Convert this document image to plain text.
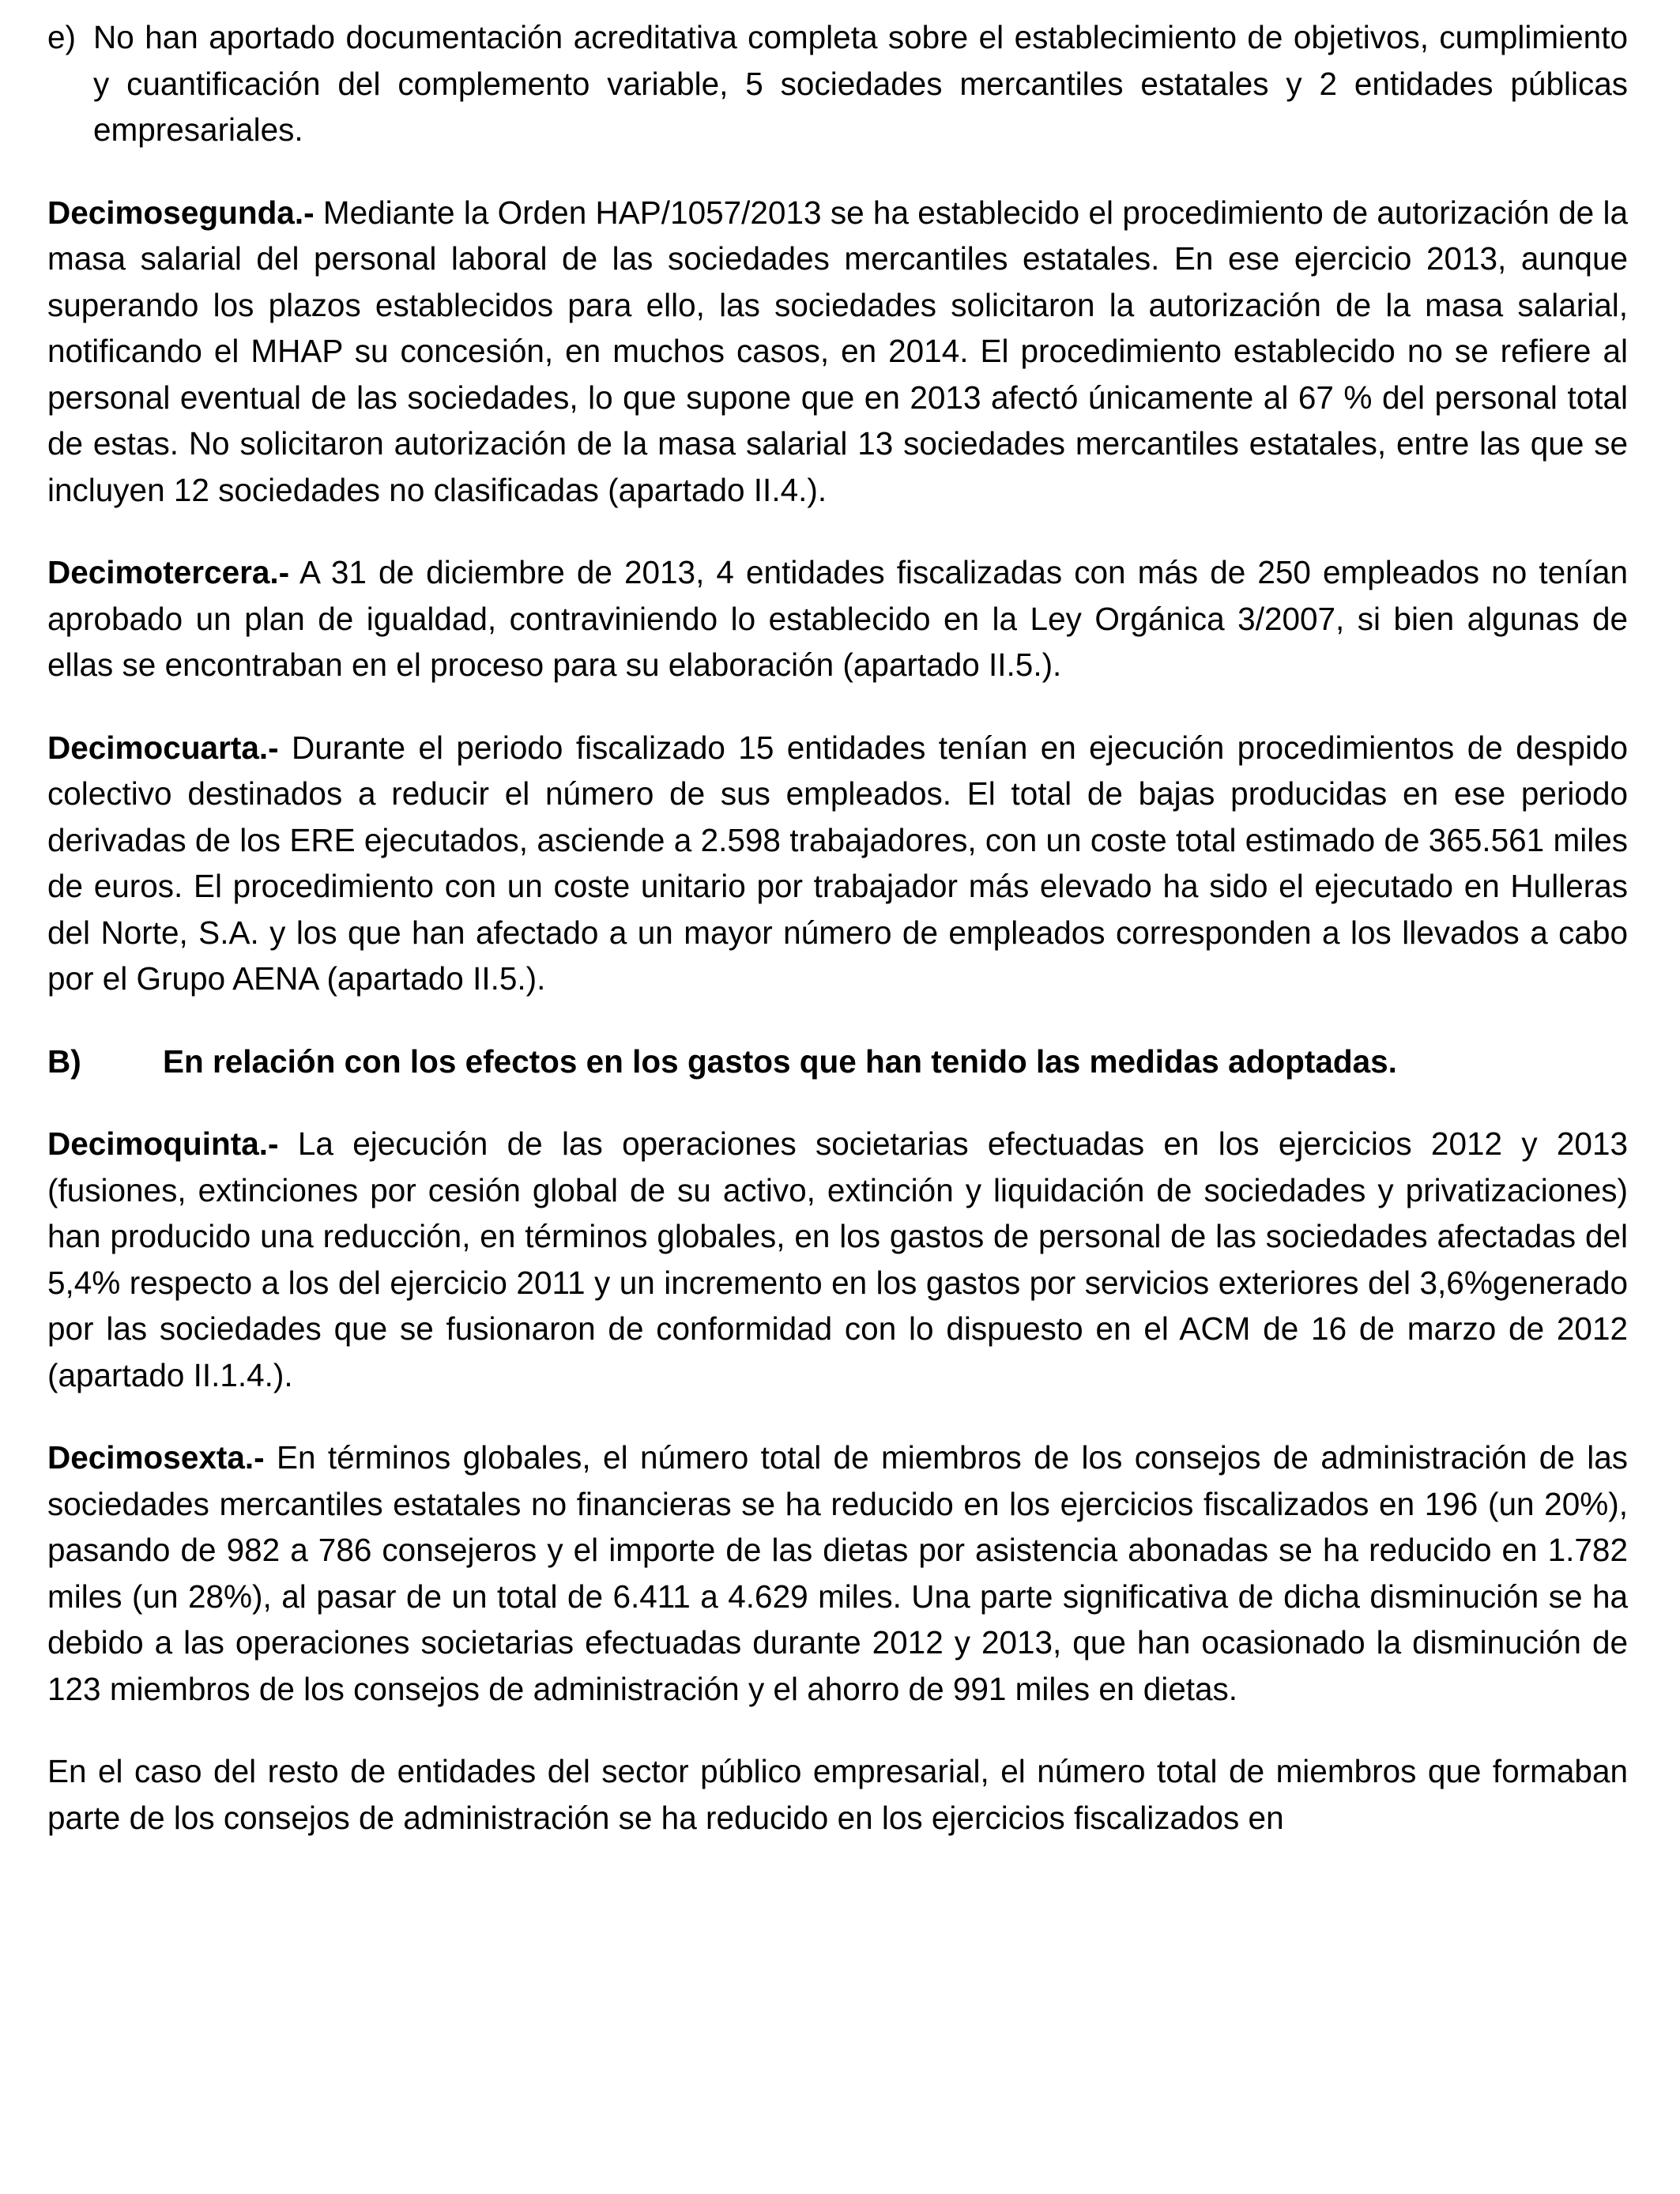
e) No han aportado documentación acreditativa completa sobre el establecimiento de objetivos, cumplimiento y cuantificación del complemento variable, 5 sociedades mercantiles estatales y 2 entidades públicas empresariales.

Decimosegunda.- Mediante la Orden HAP/1057/2013 se ha establecido el procedimiento de autorización de la masa salarial del personal laboral de las sociedades mercantiles estatales. En ese ejercicio 2013, aunque superando los plazos establecidos para ello, las sociedades solicitaron la autorización de la masa salarial, notificando el MHAP su concesión, en muchos casos, en 2014. El procedimiento establecido no se refiere al personal eventual de las sociedades, lo que supone que en 2013 afectó únicamente al 67 % del personal total de estas. No solicitaron autorización de la masa salarial 13 sociedades mercantiles estatales, entre las que se incluyen 12 sociedades no clasificadas (apartado II.4.).

Decimotercera.- A 31 de diciembre de 2013, 4 entidades fiscalizadas con más de 250 empleados no tenían aprobado un plan de igualdad, contraviniendo lo establecido en la Ley Orgánica 3/2007, si bien algunas de ellas se encontraban en el proceso para su elaboración (apartado II.5.).

Decimocuarta.- Durante el periodo fiscalizado 15 entidades tenían en ejecución procedimientos de despido colectivo destinados a reducir el número de sus empleados. El total de bajas producidas en ese periodo derivadas de los ERE ejecutados, asciende a 2.598 trabajadores, con un coste total estimado de 365.561 miles de euros. El procedimiento con un coste unitario por trabajador más elevado ha sido el ejecutado en Hulleras del Norte, S.A. y los que han afectado a un mayor número de empleados corresponden a los llevados a cabo por el Grupo AENA (apartado II.5.).

B)	En relación con los efectos en los gastos que han tenido las medidas adoptadas.

Decimoquinta.- La ejecución de las operaciones societarias efectuadas en los ejercicios 2012 y 2013 (fusiones, extinciones por cesión global de su activo, extinción y liquidación de sociedades y privatizaciones) han producido una reducción, en términos globales, en los gastos de personal de las sociedades afectadas del 5,4% respecto a los del ejercicio 2011 y un incremento en los gastos por servicios exteriores del 3,6%generado por las sociedades que se fusionaron de conformidad con lo dispuesto en el ACM de 16 de marzo de 2012 (apartado II.1.4.).

Decimosexta.- En términos globales, el número total de miembros de los consejos de administración de las sociedades mercantiles estatales no financieras se ha reducido en los ejercicios fiscalizados en 196 (un 20%), pasando de 982 a 786 consejeros y el importe de las dietas por asistencia abonadas se ha reducido en 1.782 miles (un 28%), al pasar de un total de 6.411 a 4.629 miles. Una parte significativa de dicha disminución se ha debido a las operaciones societarias efectuadas durante 2012 y 2013, que han ocasionado la disminución de 123 miembros de los consejos de administración y el ahorro de 991 miles en dietas.

En el caso del resto de entidades del sector público empresarial, el número total de miembros que formaban parte de los consejos de administración se ha reducido en los ejercicios fiscalizados en
